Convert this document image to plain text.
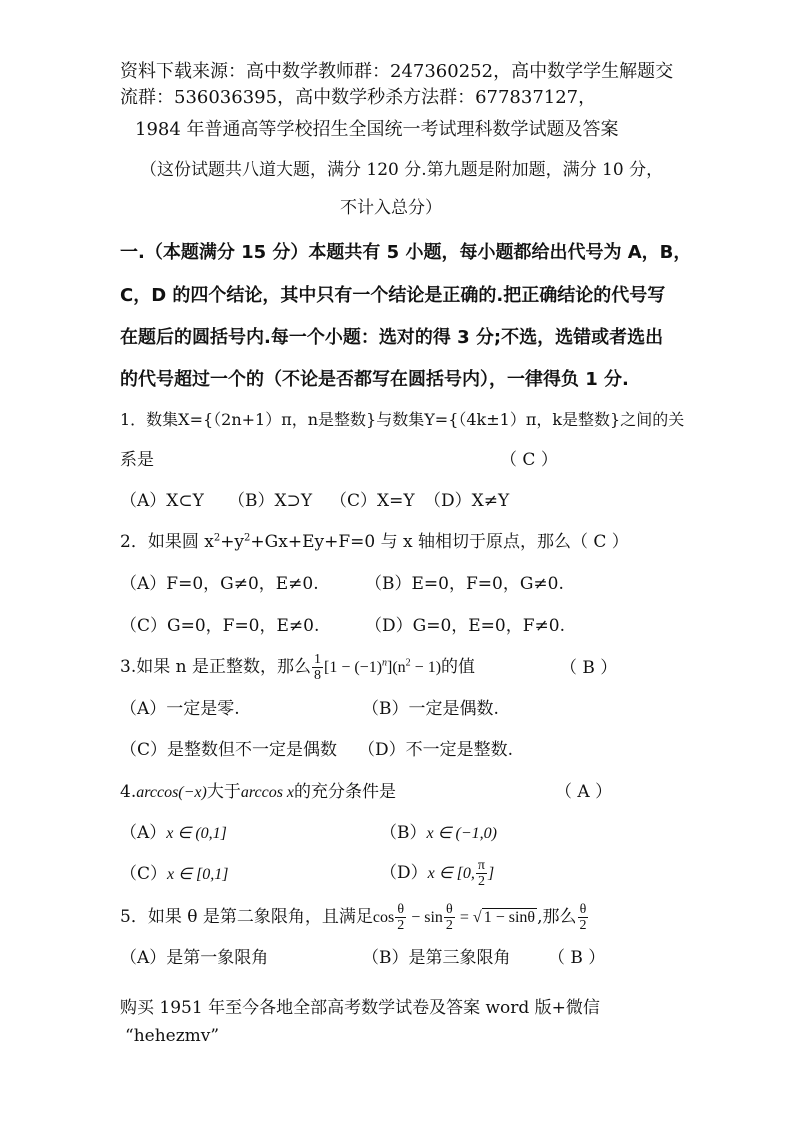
资料下载来源：高中数学教师群：247360252，高中数学学生解题交
流群：536036395，高中数学秒杀方法群：677837127，
1984 年普通高等学校招生全国统一考试理科数学试题及答案
（这份试题共八道大题，满分 120 分.第九题是附加题，满分 10 分，
不计入总分）
一.（本题满分 15 分）本题共有 5 小题，每小题都给出代号为 A，B，
C，D 的四个结论，其中只有一个结论是正确的.把正确结论的代号写
在题后的圆括号内.每一个小题：选对的得 3 分;不选，选错或者选出
的代号超过一个的（不论是否都写在圆括号内），一律得负 1 分.
1．数集X={（2n+1）π，n是整数}与数集Y={（4k±1）π，k是整数}之间的关
系是	（ C ）
（A）X⊂Y （B）X⊃Y （C）X=Y （D）X≠Y
2．如果圆 $x^2+y^2+Gx+Ey+F=0$ 与 x 轴相切于原点，那么（ C ）
（A）F=0，G≠0，E≠0.	（B）E=0，F=0，G≠0.
（C）G=0，F=0，E≠0.	（D）G=0，E=0，F≠0.
3.如果 n 是正整数，那么 $\frac{1}{8} [1 - (-1)^n](n^2 - 1)$的值	（ B ）
（A）一定是零.	（B）一定是偶数.
（C）是整数但不一定是偶数 （D）不一定是整数.
4.arccos(−x)大于arccos x的充分条件是	（ A ）
（A）x ∈ (0,1]	（B）x ∈ (−1,0)
（C）x ∈ [0,1]	（D）x ∈ [0, $\frac{\pi}{2}$ ]
5．如果 θ 是第二象限角，且满足$\cos \frac{\theta}{2} - \sin \frac{\theta}{2}$ = √ 1 − sinθ ,那么 $\frac{\theta}{2}$
（A）是第一象限角	（B）是第三象限角 （ B ）
购买 1951 年至今各地全部高考数学试卷及答案 word 版+微信
“hehezmv”
